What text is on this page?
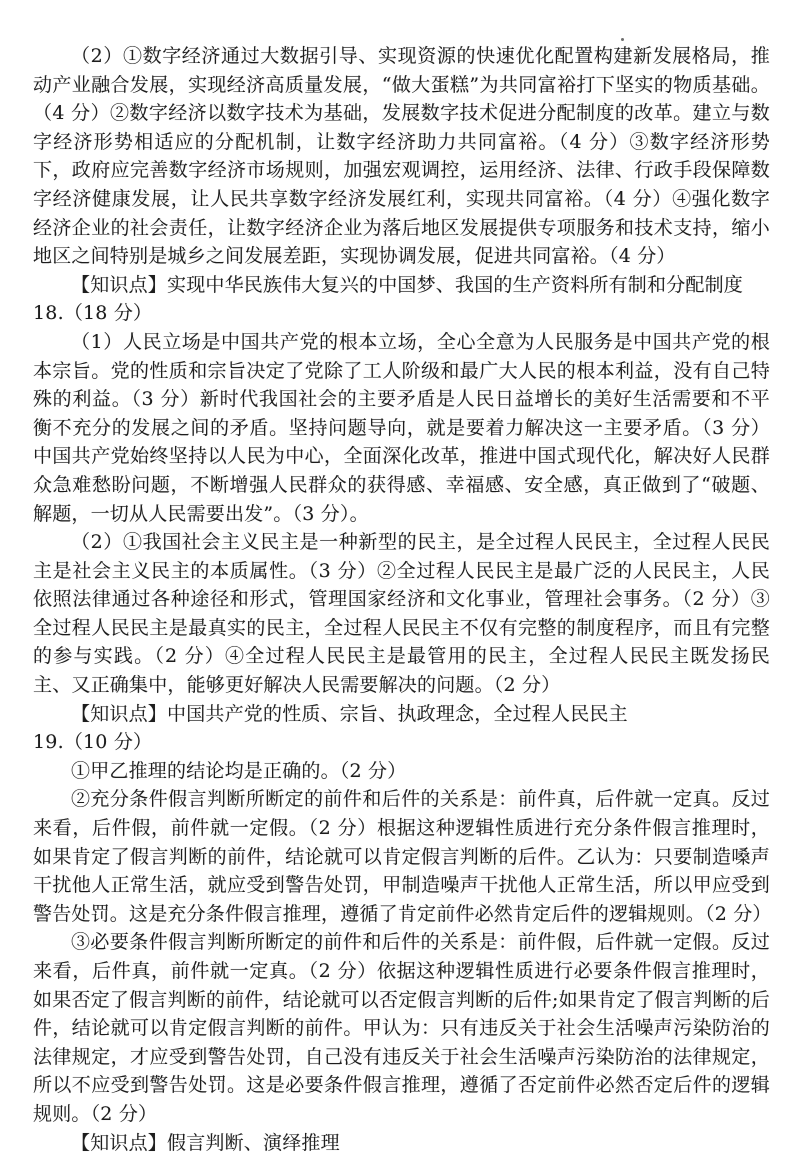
（2）①数字经济通过大数据引导、实现资源的快速优化配置构建新发展格局，推动产业融合发展，实现经济高质量发展，“做大蛋糕”为共同富裕打下坚实的物质基础。（4 分）②数字经济以数字技术为基础，发展数字技术促进分配制度的改革。建立与数字经济形势相适应的分配机制，让数字经济助力共同富裕。（4 分）③数字经济形势下，政府应完善数字经济市场规则，加强宏观调控，运用经济、法律、行政手段保障数字经济健康发展，让人民共享数字经济发展红利，实现共同富裕。（4 分）④强化数字经济企业的社会责任，让数字经济企业为落后地区发展提供专项服务和技术支持，缩小地区之间特别是城乡之间发展差距，实现协调发展，促进共同富裕。（4 分）

【知识点】实现中华民族伟大复兴的中国梦、我国的生产资料所有制和分配制度

18.（18 分）

（1）人民立场是中国共产党的根本立场，全心全意为人民服务是中国共产党的根本宗旨。党的性质和宗旨决定了党除了工人阶级和最广大人民的根本利益，没有自己特殊的利益。（3 分）新时代我国社会的主要矛盾是人民日益增长的美好生活需要和不平衡不充分的发展之间的矛盾。坚持问题导向，就是要着力解决这一主要矛盾。（3 分）中国共产党始终坚持以人民为中心，全面深化改革，推进中国式现代化，解决好人民群众急难愁盼问题，不断增强人民群众的获得感、幸福感、安全感，真正做到了“破题、解题，一切从人民需要出发”。（3 分）。

（2）①我国社会主义民主是一种新型的民主，是全过程人民民主，全过程人民民主是社会主义民主的本质属性。（3 分）②全过程人民民主是最广泛的人民民主，人民依照法律通过各种途径和形式，管理国家经济和文化事业，管理社会事务。（2 分）③全过程人民民主是最真实的民主，全过程人民民主不仅有完整的制度程序，而且有完整的参与实践。（2 分）④全过程人民民主是最管用的民主，全过程人民民主既发扬民主、又正确集中，能够更好解决人民需要解决的问题。（2 分）

【知识点】中国共产党的性质、宗旨、执政理念，全过程人民民主

19.（10 分）

①甲乙推理的结论均是正确的。（2 分）

②充分条件假言判断所断定的前件和后件的关系是：前件真，后件就一定真。反过来看，后件假，前件就一定假。（2 分）根据这种逻辑性质进行充分条件假言推理时，如果肯定了假言判断的前件，结论就可以肯定假言判断的后件。乙认为：只要制造嗓声干扰他人正常生活，就应受到警告处罚，甲制造噪声干扰他人正常生活，所以甲应受到警告处罚。这是充分条件假言推理，遵循了肯定前件必然肯定后件的逻辑规则。（2 分）

③必要条件假言判断所断定的前件和后件的关系是：前件假，后件就一定假。反过来看，后件真，前件就一定真。（2 分）依据这种逻辑性质进行必要条件假言推理时，如果否定了假言判断的前件，结论就可以否定假言判断的后件;如果肯定了假言判断的后件，结论就可以肯定假言判断的前件。甲认为：只有违反关于社会生活噪声污染防治的法律规定，才应受到警告处罚，自己没有违反关于社会生活噪声污染防治的法律规定，所以不应受到警告处罚。这是必要条件假言推理，遵循了否定前件必然否定后件的逻辑规则。（2 分）

【知识点】假言判断、演绎推理
